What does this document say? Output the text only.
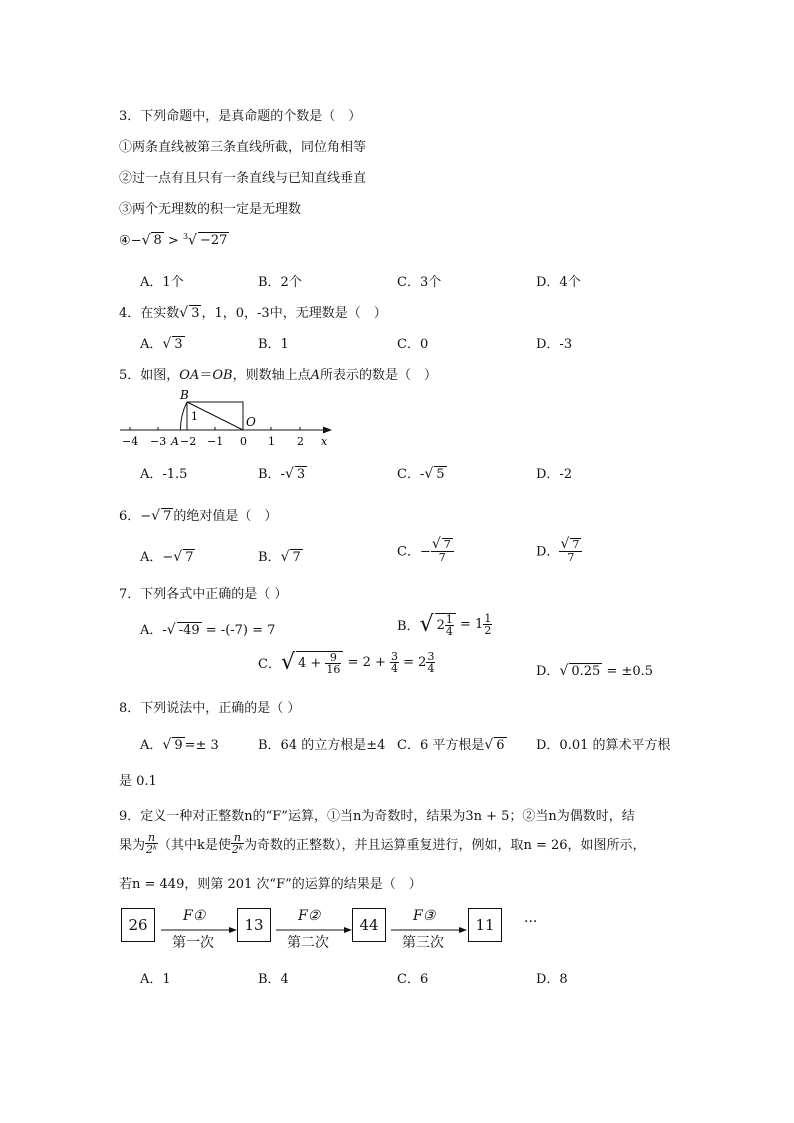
3．下列命题中，是真命题的个数是（　）
①两条直线被第三条直线所截，同位角相等
②过一点有且只有一条直线与已知直线垂直
③两个无理数的积一定是无理数
④−√ 8 > $^3$√ −27
A．1个	B．2个	C．3个	D．4个
4．在实数√ 3 ，1，0，-3中，无理数是（　）
A．√ 3	B．1	C．0	D．-3
5．如图，OA＝OB，则数轴上点A所表示的数是（　）
B
1	O
−4 −3 A −2 −1 0 1 2 x
A．-1.5	B．-√ 3	C．-√ 5	D．-2
6．−√ 7 的绝对值是（　）
A．−√ 7	B．√ 7	C．− $\frac{√ 7}{7}$	D． $\frac{√ 7}{7}$
7．下列各式中正确的是（ ）
A．-√ -49 = -(-7) = 7	B．√ $2 \frac{1}{4} = 1 \frac{1}{2}$
C．√ $4 + \frac{9}{16} = 2 + \frac{3}{4} = 2 \frac{3}{4}$	D．√ 0.25 = ±0.5
8．下列说法中，正确的是（ ）
A．√ 9 =± 3	B．64 的立方根是±4 C．6 平方根是√ 6 D．0.01 的算术平方根
是 0.1
9．定义一种对正整数n的“F”运算，①当n为奇数时，结果为3n + 5；②当n为偶数时，结
果为 $\frac{n}{\text{2ᵏ}}$ （其中k是使 $\frac{n}{\text{2ᵏ}}$ 为奇数的正整数），并且运算重复进行，例如，取n = 26，如图所示，
若n = 449，则第 201 次“F”的运算的结果是（　）
26	13	44	11
F①	F②	F③
第一次	第二次	第三次
···
A．1	B．4	C．6	D．8
